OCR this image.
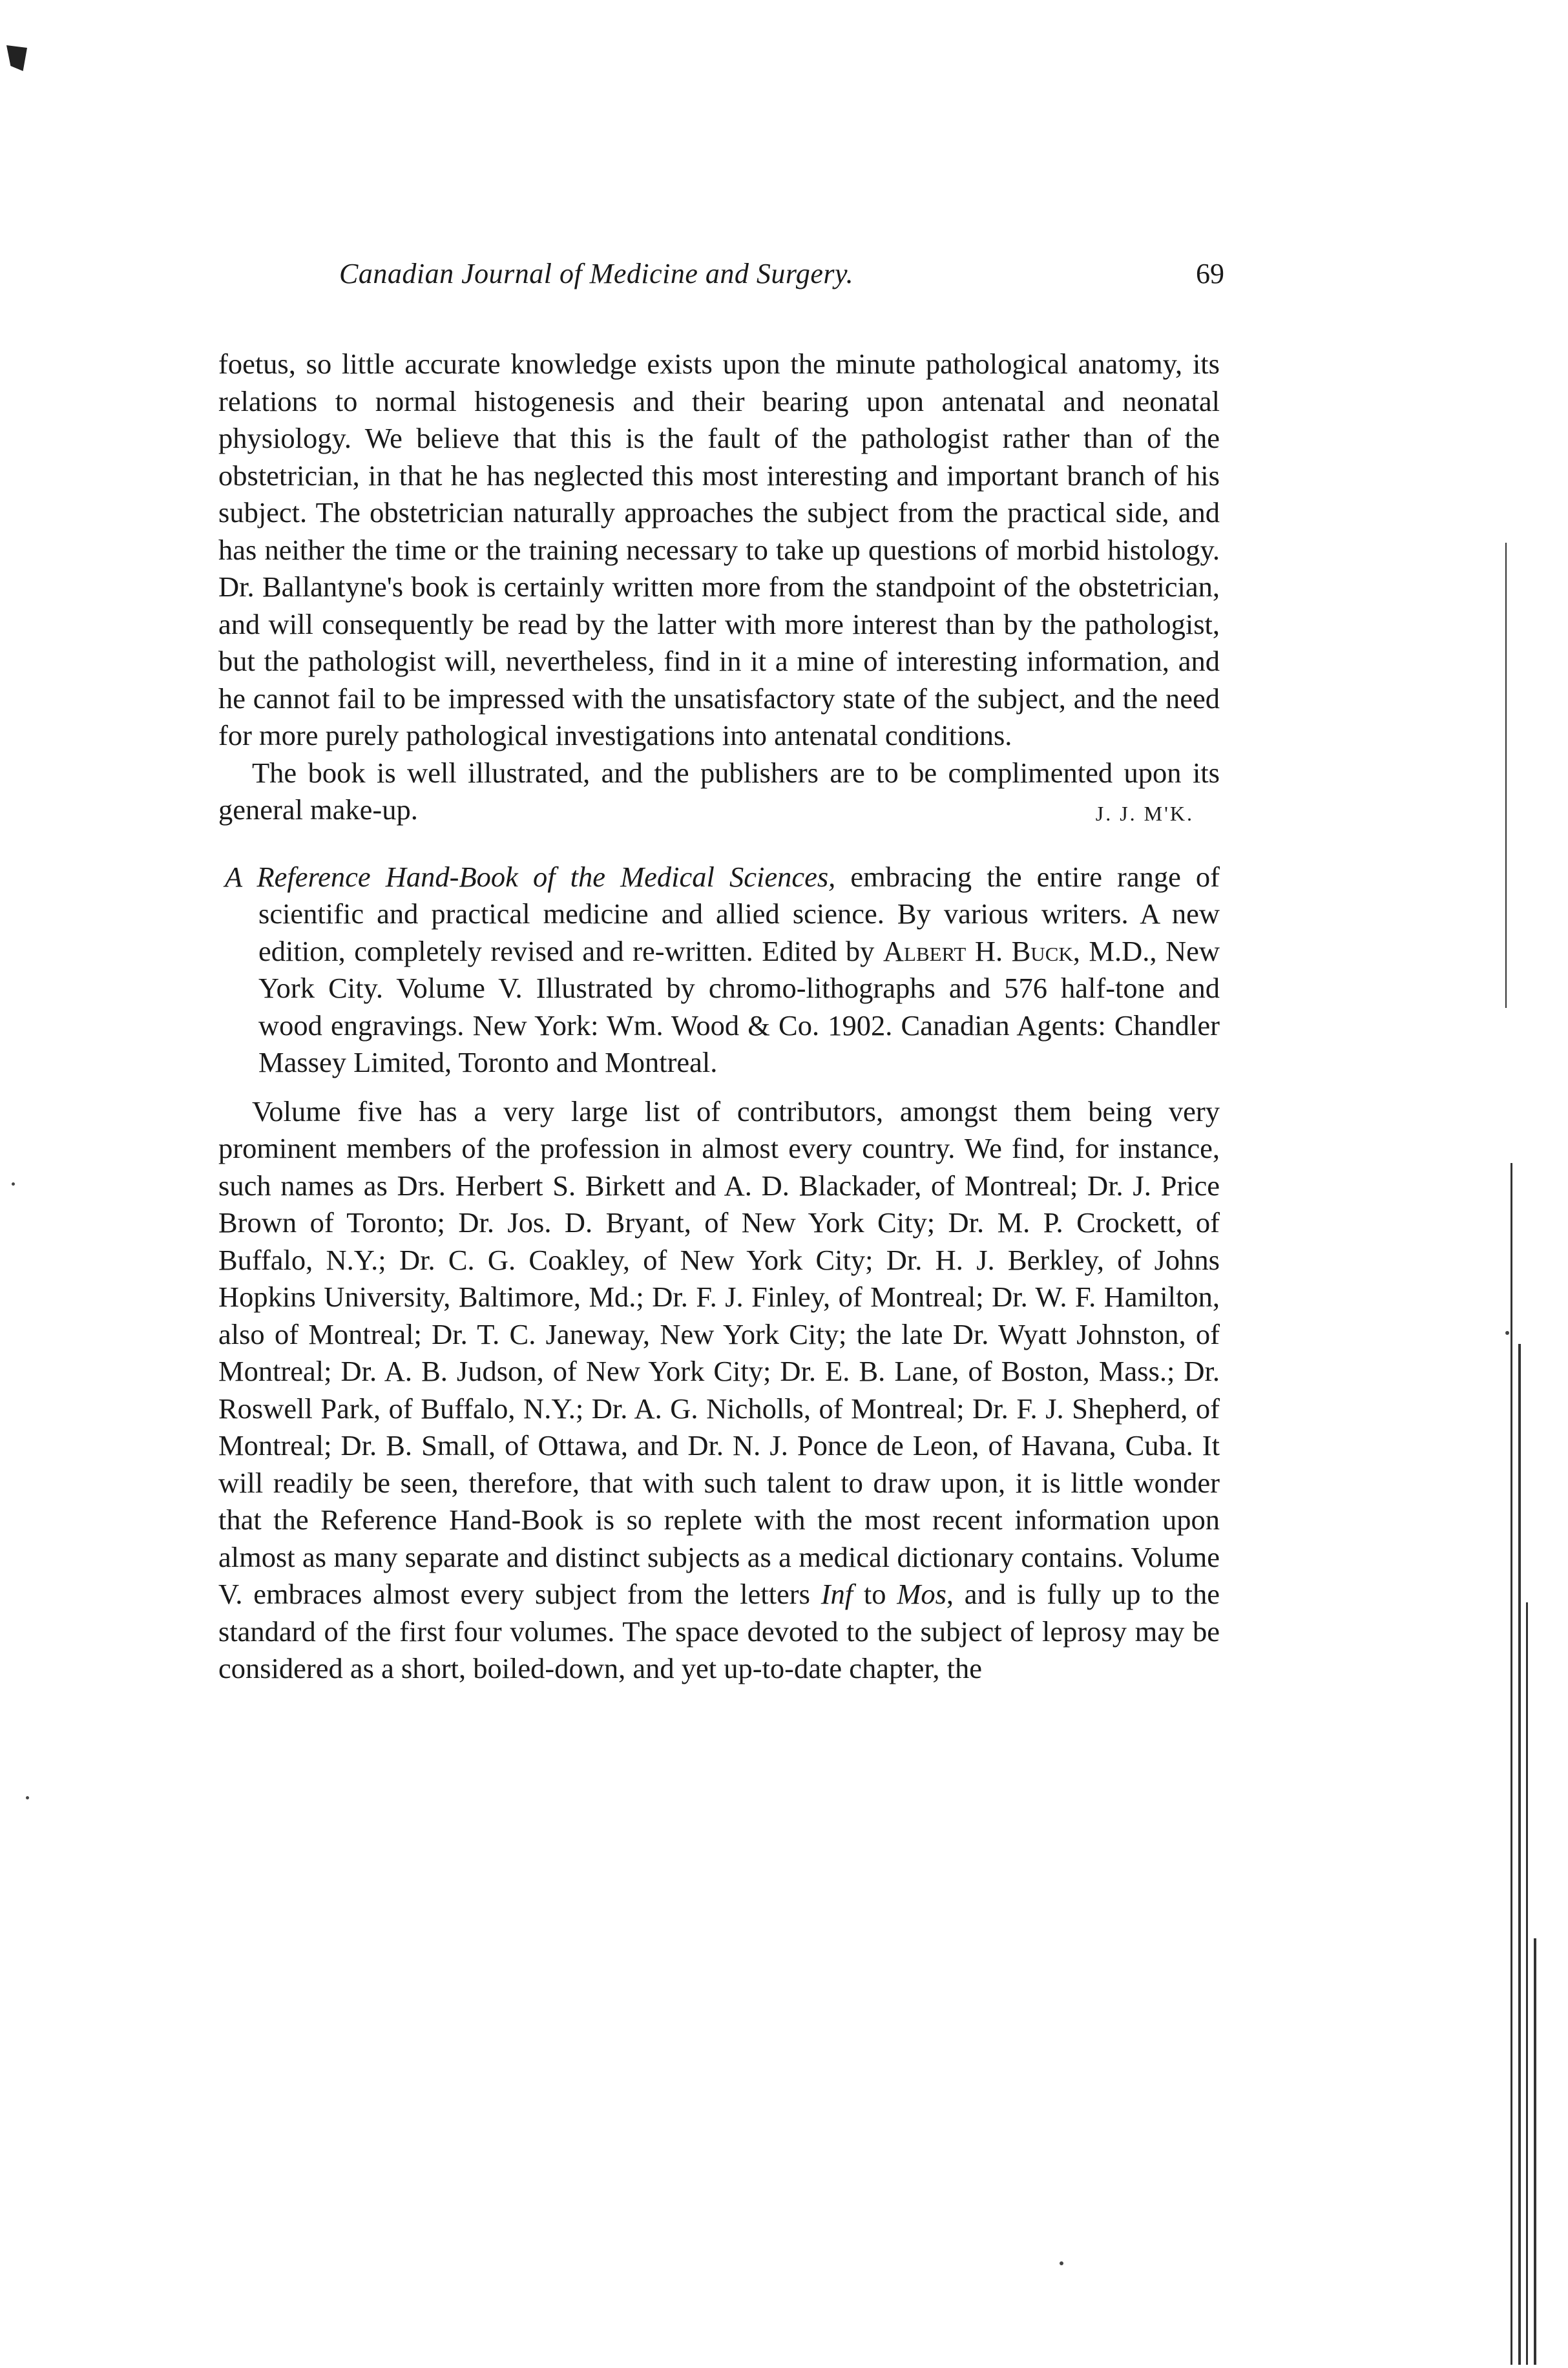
Canadian Journal of Medicine and Surgery.	69

foetus, so little accurate knowledge exists upon the minute pathological anatomy, its relations to normal histogenesis and their bearing upon antenatal and neonatal physiology. We believe that this is the fault of the pathologist rather than of the obstetrician, in that he has neglected this most interesting and important branch of his subject. The obstetrician naturally approaches the subject from the practical side, and has neither the time or the training necessary to take up questions of morbid histology. Dr. Ballantyne's book is certainly written more from the standpoint of the obstetrician, and will consequently be read by the latter with more interest than by the pathologist, but the pathologist will, nevertheless, find in it a mine of interesting information, and he cannot fail to be impressed with the unsatisfactory state of the subject, and the need for more purely pathological investigations into antenatal conditions.

The book is well illustrated, and the publishers are to be complimented upon its general make-up.	J. J. M'K.

A Reference Hand-Book of the Medical Sciences, embracing the entire range of scientific and practical medicine and allied science. By various writers. A new edition, completely revised and re-written. Edited by Albert H. Buck, M.D., New York City. Volume V. Illustrated by chromo-lithographs and 576 half-tone and wood engravings. New York: Wm. Wood & Co. 1902. Canadian Agents: Chandler Massey Limited, Toronto and Montreal.

Volume five has a very large list of contributors, amongst them being very prominent members of the profession in almost every country. We find, for instance, such names as Drs. Herbert S. Birkett and A. D. Blackader, of Montreal; Dr. J. Price Brown of Toronto; Dr. Jos. D. Bryant, of New York City; Dr. M. P. Crockett, of Buffalo, N.Y.; Dr. C. G. Coakley, of New York City; Dr. H. J. Berkley, of Johns Hopkins University, Baltimore, Md.; Dr. F. J. Finley, of Montreal; Dr. W. F. Hamilton, also of Montreal; Dr. T. C. Janeway, New York City; the late Dr. Wyatt Johnston, of Montreal; Dr. A. B. Judson, of New York City; Dr. E. B. Lane, of Boston, Mass.; Dr. Roswell Park, of Buffalo, N.Y.; Dr. A. G. Nicholls, of Montreal; Dr. F. J. Shepherd, of Montreal; Dr. B. Small, of Ottawa, and Dr. N. J. Ponce de Leon, of Havana, Cuba. It will readily be seen, therefore, that with such talent to draw upon, it is little wonder that the Reference Hand-Book is so replete with the most recent information upon almost as many separate and distinct subjects as a medical dictionary contains. Volume V. embraces almost every subject from the letters Inf to Mos, and is fully up to the standard of the first four volumes. The space devoted to the subject of leprosy may be considered as a short, boiled-down, and yet up-to-date chapter, the
